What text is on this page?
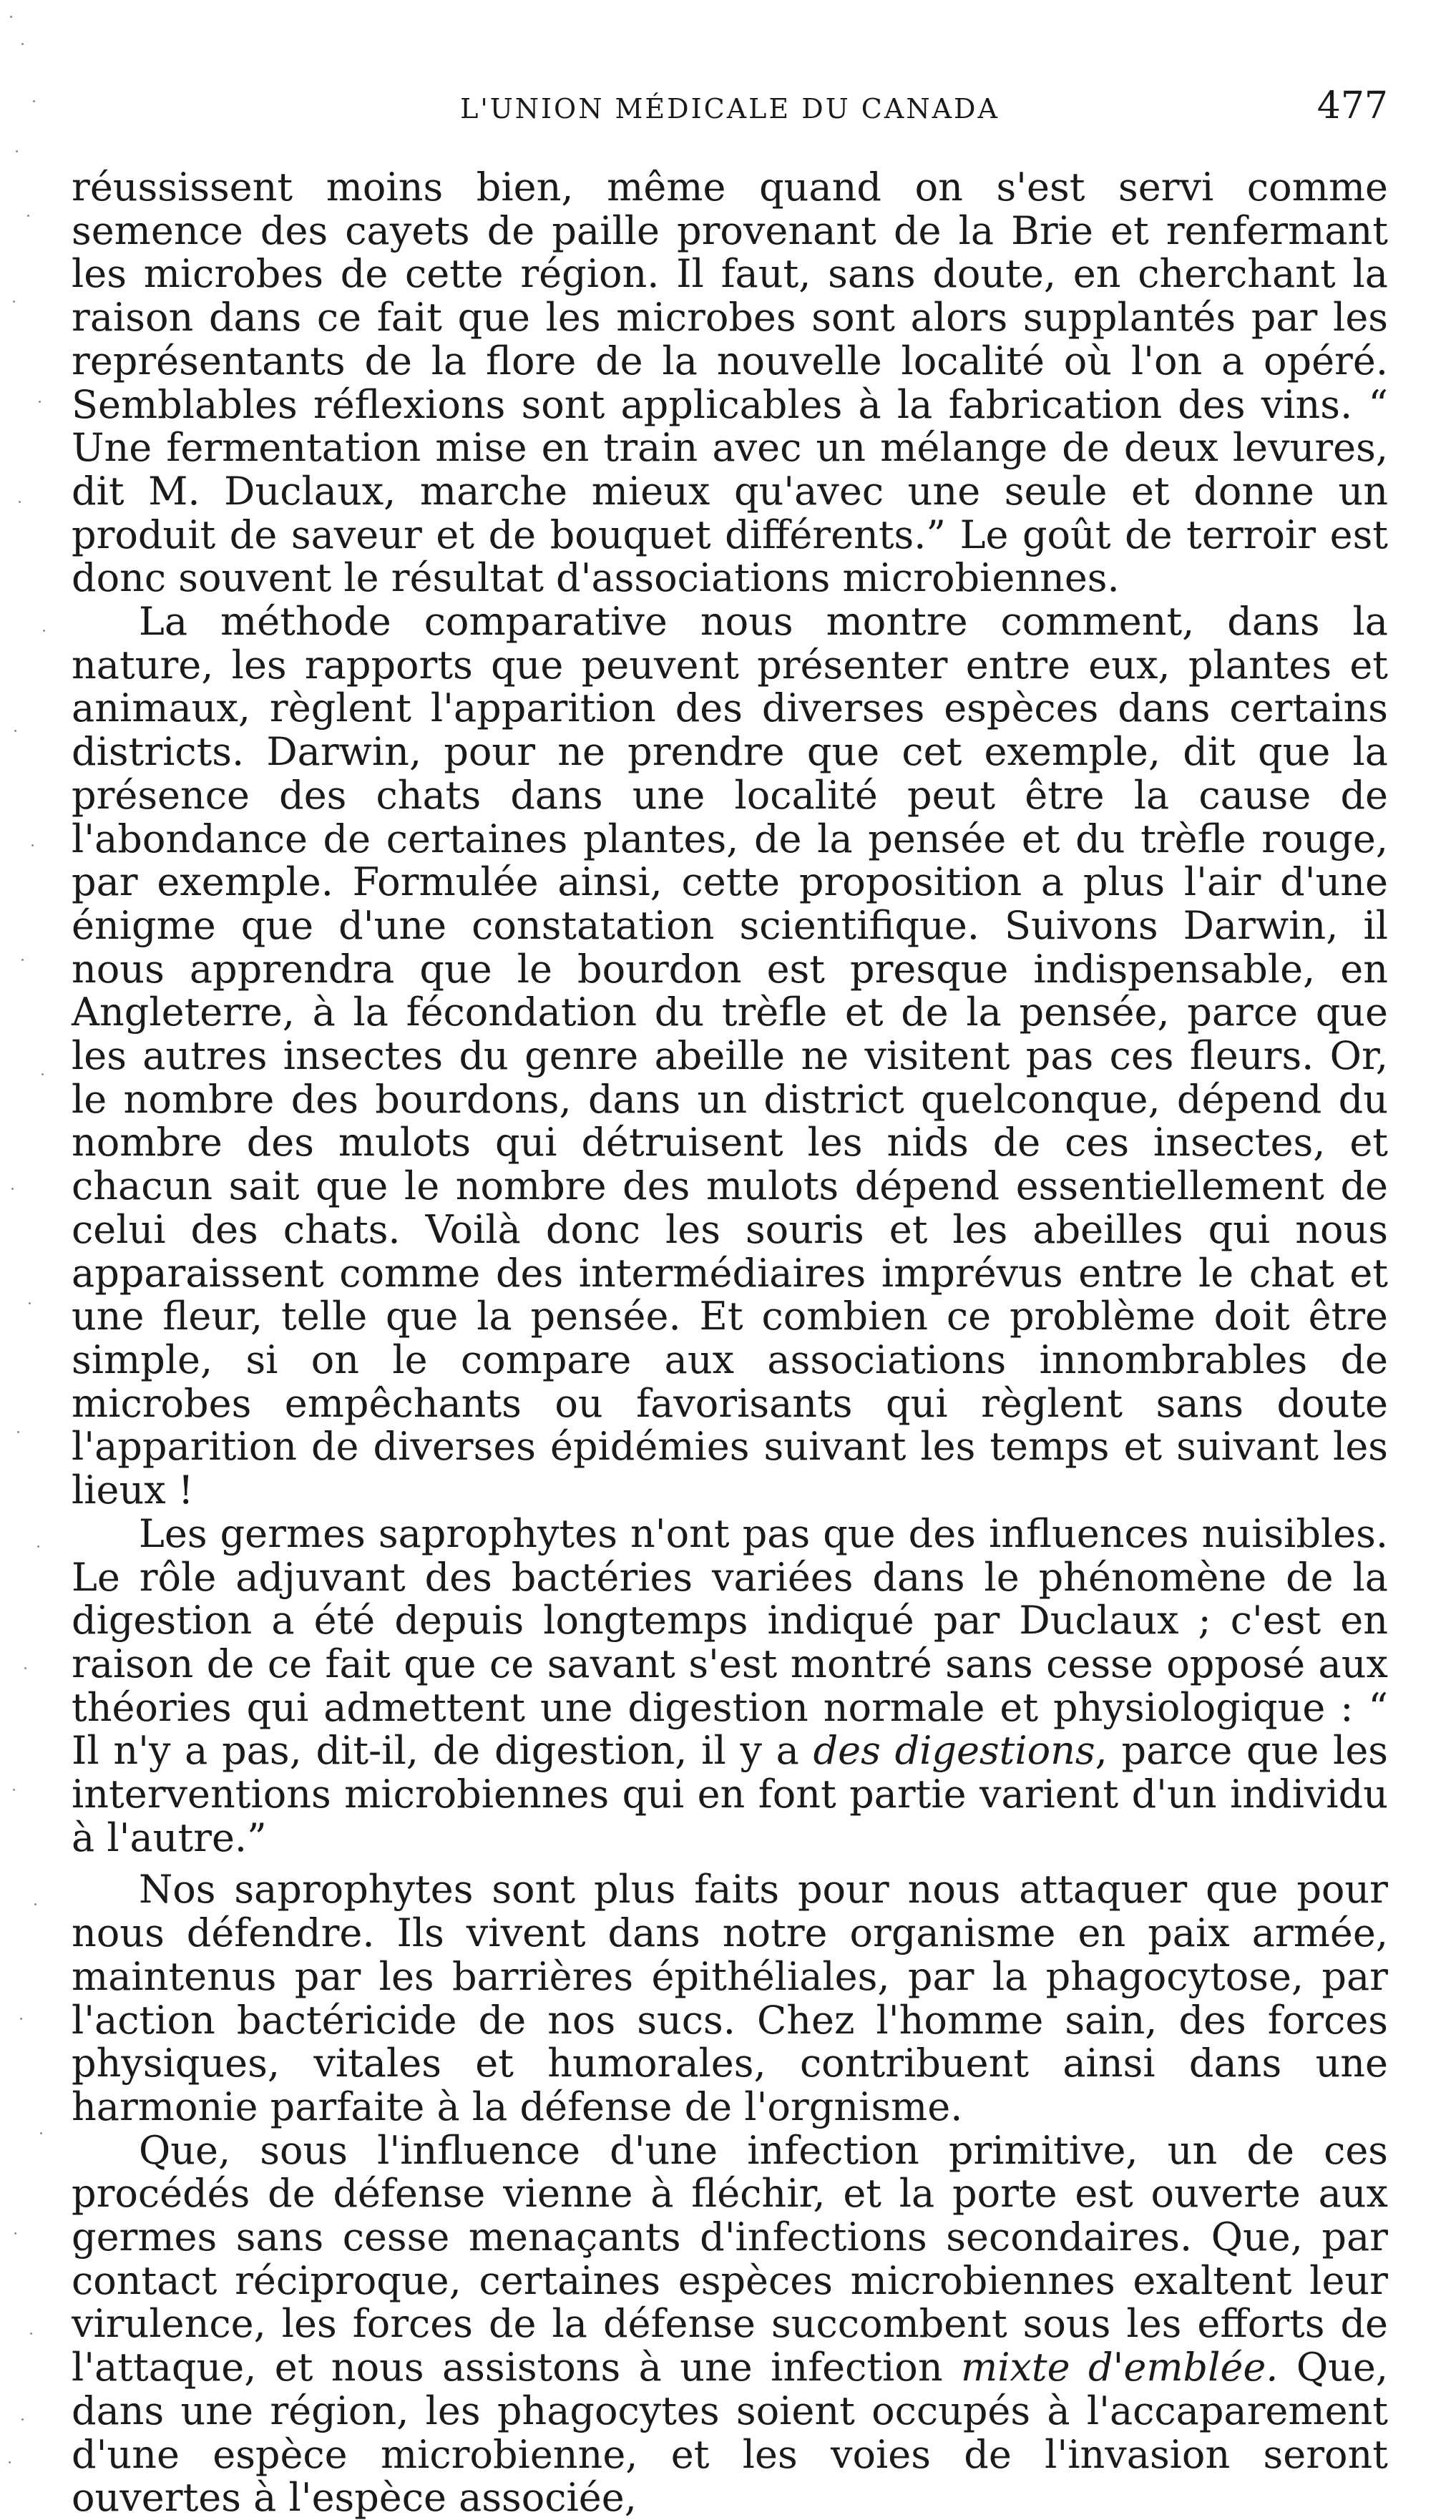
L'UNION MÉDICALE DU CANADA	477

réussissent moins bien, même quand on s'est servi comme semence des cayets de paille provenant de la Brie et renfermant les microbes de cette région. Il faut, sans doute, en cherchant la raison dans ce fait que les microbes sont alors supplantés par les représentants de la flore de la nouvelle localité où l'on a opéré. Semblables réflexions sont applicables à la fabrication des vins. “ Une fermentation mise en train avec un mélange de deux levures, dit M. Duclaux, marche mieux qu'avec une seule et donne un produit de saveur et de bouquet différents.” Le goût de terroir est donc souvent le résultat d'associations microbiennes.

La méthode comparative nous montre comment, dans la nature, les rapports que peuvent présenter entre eux, plantes et animaux, règlent l'apparition des diverses espèces dans certains districts. Darwin, pour ne prendre que cet exemple, dit que la présence des chats dans une localité peut être la cause de l'abondance de certaines plantes, de la pensée et du trèfle rouge, par exemple. Formulée ainsi, cette proposition a plus l'air d'une énigme que d'une constatation scientifique. Suivons Darwin, il nous apprendra que le bourdon est presque indispensable, en Angleterre, à la fécondation du trèfle et de la pensée, parce que les autres insectes du genre abeille ne visitent pas ces fleurs. Or, le nombre des bourdons, dans un district quelconque, dépend du nombre des mulots qui détruisent les nids de ces insectes, et chacun sait que le nombre des mulots dépend essentiellement de celui des chats. Voilà donc les souris et les abeilles qui nous apparaissent comme des intermédiaires imprévus entre le chat et une fleur, telle que la pensée. Et combien ce problème doit être simple, si on le compare aux associations innombrables de microbes empêchants ou favorisants qui règlent sans doute l'apparition de diverses épidémies suivant les temps et suivant les lieux !

Les germes saprophytes n'ont pas que des influences nuisibles. Le rôle adjuvant des bactéries variées dans le phénomène de la digestion a été depuis longtemps indiqué par Duclaux ; c'est en raison de ce fait que ce savant s'est montré sans cesse opposé aux théories qui admettent une digestion normale et physiologique : “ Il n'y a pas, dit-il, de digestion, il y a des digestions, parce que les interventions microbiennes qui en font partie varient d'un individu à l'autre.”

Nos saprophytes sont plus faits pour nous attaquer que pour nous défendre. Ils vivent dans notre organisme en paix armée, maintenus par les barrières épithéliales, par la phagocytose, par l'action bactéricide de nos sucs. Chez l'homme sain, des forces physiques, vitales et humorales, contribuent ainsi dans une harmonie parfaite à la défense de l'orgnisme.

Que, sous l'influence d'une infection primitive, un de ces procédés de défense vienne à fléchir, et la porte est ouverte aux germes sans cesse menaçants d'infections secondaires. Que, par contact réciproque, certaines espèces microbiennes exaltent leur virulence, les forces de la défense succombent sous les efforts de l'attaque, et nous assistons à une infection mixte d'emblée. Que, dans une région, les phagocytes soient occupés à l'accaparement d'une espèce microbienne, et les voies de l'invasion seront ouvertes à l'espèce associée,
